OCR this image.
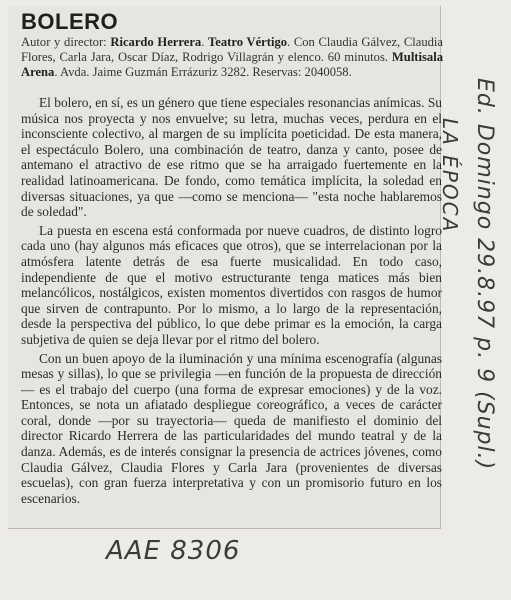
BOLERO
Autor y director: Ricardo Herrera. Teatro Vértigo. Con Claudia Gálvez, Claudia Flores, Carla Jara, Oscar Díaz, Rodrigo Villagrán y elenco. 60 minutos. Multisala Arena. Avda. Jaime Guzmán Errázuriz 3282. Reservas: 2040058.

El bolero, en sí, es un género que tiene especiales resonancias anímicas. Su música nos proyecta y nos envuelve; su letra, muchas veces, perdura en el inconsciente colectivo, al margen de su implícita poeticidad. De esta manera, el espectáculo Bolero, una combinación de teatro, danza y canto, posee de antemano el atractivo de ese ritmo que se ha arraigado fuertemente en la realidad latinoamericana. De fondo, como temática implícita, la soledad en diversas situaciones, ya que —como se menciona— "esta noche hablaremos de soledad".

La puesta en escena está conformada por nueve cuadros, de distinto logro cada uno (hay algunos más eficaces que otros), que se interrelacionan por la atmósfera latente detrás de esa fuerte musicalidad. En todo caso, independiente de que el motivo estructurante tenga matices más bien melancólicos, nostálgicos, existen momentos divertidos con rasgos de humor que sirven de contrapunto. Por lo mismo, a lo largo de la representación, desde la perspectiva del público, lo que debe primar es la emoción, la carga subjetiva de quien se deja llevar por el ritmo del bolero.

Con un buen apoyo de la iluminación y una mínima escenografía (algunas mesas y sillas), lo que se privilegia —en función de la propuesta de dirección— es el trabajo del cuerpo (una forma de expresar emociones) y de la voz. Entonces, se nota un afiatado despliegue coreográfico, a veces de carácter coral, donde —por su trayectoria— queda de manifiesto el dominio del director Ricardo Herrera de las particularidades del mundo teatral y de la danza. Además, es de interés consignar la presencia de actrices jóvenes, como Claudia Gálvez, Claudia Flores y Carla Jara (provenientes de diversas escuelas), con gran fuerza interpretativa y con un promisorio futuro en los escenarios.

LA ÉPOCA Ed. Domingo 29.8.97 p. 9 (Supl.)
AAE 8306
